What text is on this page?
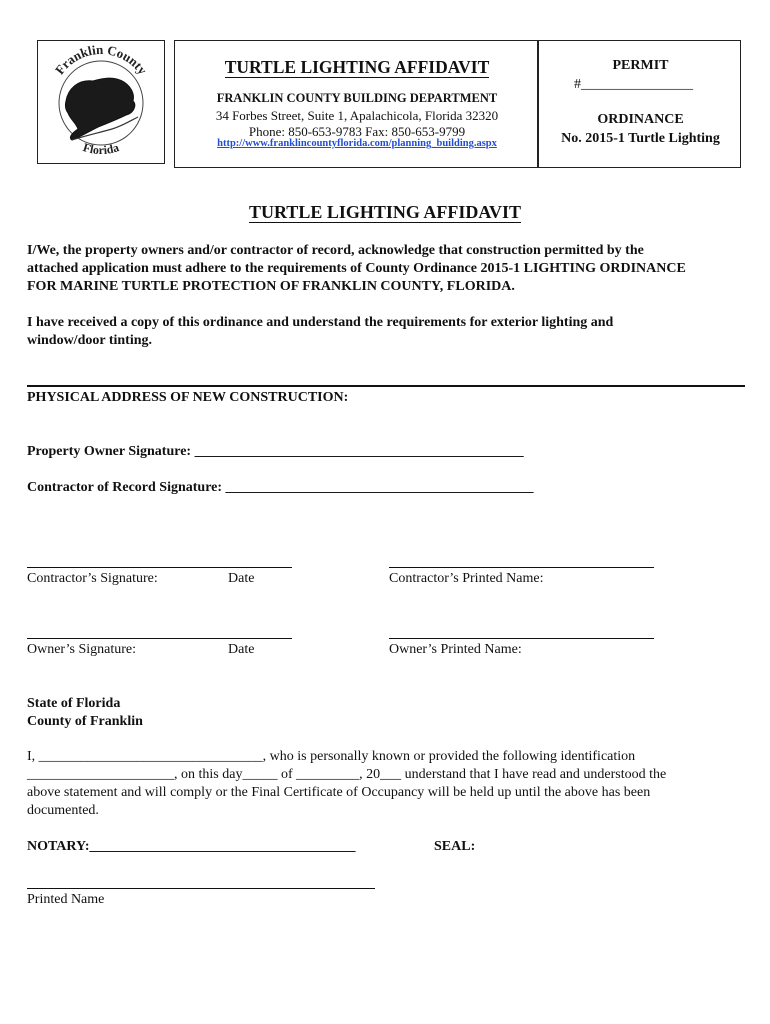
Franklin County
Florida
TURTLE LIGHTING AFFIDAVIT
FRANKLIN COUNTY BUILDING DEPARTMENT
34 Forbes Street, Suite 1, Apalachicola, Florida 32320
Phone: 850-653-9783 Fax: 850-653-9799
http://www.franklincountyflorida.com/planning_building.aspx
PERMIT
#________________
ORDINANCE
No. 2015-1 Turtle Lighting
TURTLE LIGHTING AFFIDAVIT
I/We, the property owners and/or contractor of record, acknowledge that construction permitted by the
attached application must adhere to the requirements of County Ordinance 2015-1 LIGHTING ORDINANCE
FOR MARINE TURTLE PROTECTION OF FRANKLIN COUNTY, FLORIDA.
I have received a copy of this ordinance and understand the requirements for exterior lighting and
window/door tinting.
PHYSICAL ADDRESS OF NEW CONSTRUCTION:
Property Owner Signature: _______________________________________________
Contractor of Record Signature: ____________________________________________
Contractor’s Signature:	Date	Contractor’s Printed Name:
Owner’s Signature:	Date	Owner’s Printed Name:
State of Florida
County of Franklin
I, ________________________________, who is personally known or provided the following identification
_____________________, on this day_____ of _________, 20___ understand that I have read and understood the
above statement and will comply or the Final Certificate of Occupancy will be held up until the above has been
documented.
NOTARY:______________________________________	SEAL:
Printed Name
